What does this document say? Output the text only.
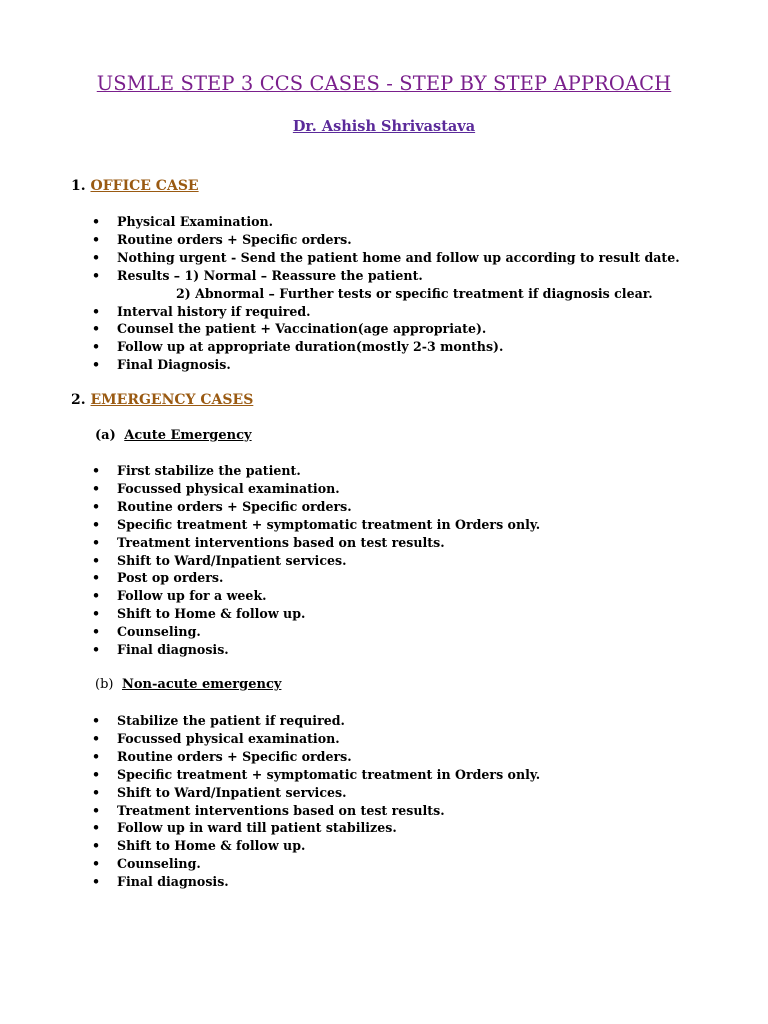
USMLE STEP 3 CCS CASES - STEP BY STEP APPROACH
Dr. Ashish Shrivastava
1. OFFICE CASE
• Physical Examination.
• Routine orders + Specific orders.
• Nothing urgent - Send the patient home and follow up according to result date.
• Results – 1) Normal – Reassure the patient.
2) Abnormal – Further tests or specific treatment if diagnosis clear.
• Interval history if required.
• Counsel the patient + Vaccination(age appropriate).
• Follow up at appropriate duration(mostly 2-3 months).
• Final Diagnosis.
2. EMERGENCY CASES
(a) Acute Emergency
• First stabilize the patient.
• Focussed physical examination.
• Routine orders + Specific orders.
• Specific treatment + symptomatic treatment in Orders only.
• Treatment interventions based on test results.
• Shift to Ward/Inpatient services.
• Post op orders.
• Follow up for a week.
• Shift to Home & follow up.
• Counseling.
• Final diagnosis.
(b) Non-acute emergency
• Stabilize the patient if required.
• Focussed physical examination.
• Routine orders + Specific orders.
• Specific treatment + symptomatic treatment in Orders only.
• Shift to Ward/Inpatient services.
• Treatment interventions based on test results.
• Follow up in ward till patient stabilizes.
• Shift to Home & follow up.
• Counseling.
• Final diagnosis.
